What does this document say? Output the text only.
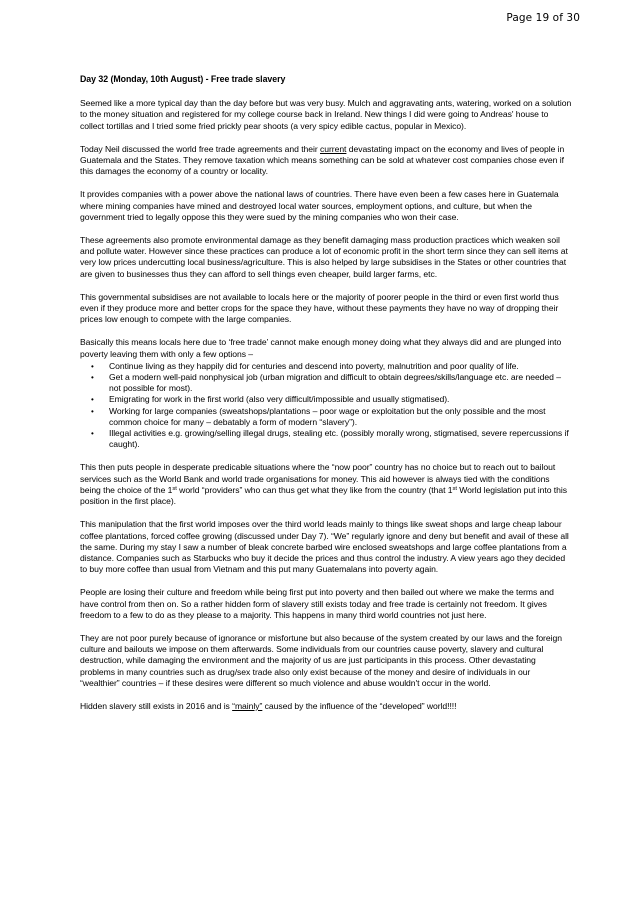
Page 19 of 30

Day 32 (Monday, 10th August) - Free trade slavery

Seemed like a more typical day than the day before but was very busy. Mulch and aggravating ants, watering, worked on a solution to the money situation and registered for my college course back in Ireland. New things I did were going to Andreas' house to collect tortillas and I tried some fried prickly pear shoots (a very spicy edible cactus, popular in Mexico).

Today Neil discussed the world free trade agreements and their current devastating impact on the economy and lives of people in Guatemala and the States. They remove taxation which means something can be sold at whatever cost companies chose even if this damages the economy of a country or locality.

It provides companies with a power above the national laws of countries. There have even been a few cases here in Guatemala where mining companies have mined and destroyed local water sources, employment options, and culture, but when the government tried to legally oppose this they were sued by the mining companies who won their case.

These agreements also promote environmental damage as they benefit damaging mass production practices which weaken soil and pollute water. However since these practices can produce a lot of economic profit in the short term since they can sell items at very low prices undercutting local business/agriculture. This is also helped by large subsidises in the States or other countries that are given to businesses thus they can afford to sell things even cheaper, build larger farms, etc.

This governmental subsidises are not available to locals here or the majority of poorer people in the third or even first world thus even if they produce more and better crops for the space they have, without these payments they have no way of dropping their prices low enough to compete with the large companies.

Basically this means locals here due to ‘free trade’ cannot make enough money doing what they always did and are plunged into poverty leaving them with only a few options –

• Continue living as they happily did for centuries and descend into poverty, malnutrition and poor quality of life.
• Get a modern well-paid nonphysical job (urban migration and difficult to obtain degrees/skills/language etc. are needed – not possible for most).
• Emigrating for work in the first world (also very difficult/impossible and usually stigmatised).
• Working for large companies (sweatshops/plantations – poor wage or exploitation but the only possible and the most common choice for many – debatably a form of modern “slavery”).
• Illegal activities e.g. growing/selling illegal drugs, stealing etc. (possibly morally wrong, stigmatised, severe repercussions if caught).

This then puts people in desperate predicable situations where the “now poor” country has no choice but to reach out to bailout services such as the World Bank and world trade organisations for money. This aid however is always tied with the conditions being the choice of the 1st world “providers” who can thus get what they like from the country (that 1st World legislation put into this position in the first place).

This manipulation that the first world imposes over the third world leads mainly to things like sweat shops and large cheap labour coffee plantations, forced coffee growing (discussed under Day 7). “We” regularly ignore and deny but benefit and avail of these all the same. During my stay I saw a number of bleak concrete barbed wire enclosed sweatshops and large coffee plantations from a distance. Companies such as Starbucks who buy it decide the prices and thus control the industry. A view years ago they decided to buy more coffee than usual from Vietnam and this put many Guatemalans into poverty again.

People are losing their culture and freedom while being first put into poverty and then bailed out where we make the terms and have control from then on. So a rather hidden form of slavery still exists today and free trade is certainly not freedom. It gives freedom to a few to do as they please to a majority. This happens in many third world countries not just here.

They are not poor purely because of ignorance or misfortune but also because of the system created by our laws and the foreign culture and bailouts we impose on them afterwards. Some individuals from our countries cause poverty, slavery and cultural destruction, while damaging the environment and the majority of us are just participants in this process. Other devastating problems in many countries such as drug/sex trade also only exist because of the money and desire of individuals in our “wealthier” countries – if these desires were different so much violence and abuse wouldn't occur in the world.

Hidden slavery still exists in 2016 and is “mainly” caused by the influence of the “developed” world!!!!
